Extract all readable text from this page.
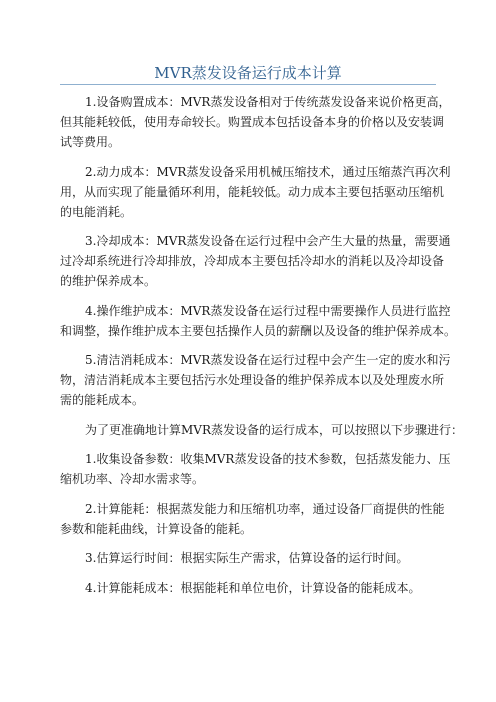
MVR蒸发设备运行成本计算
1.设备购置成本：MVR蒸发设备相对于传统蒸发设备来说价格更高，
但其能耗较低，使用寿命较长。购置成本包括设备本身的价格以及安装调
试等费用。
2.动力成本：MVR蒸发设备采用机械压缩技术，通过压缩蒸汽再次利
用，从而实现了能量循环利用，能耗较低。动力成本主要包括驱动压缩机
的电能消耗。
3.冷却成本：MVR蒸发设备在运行过程中会产生大量的热量，需要通
过冷却系统进行冷却排放，冷却成本主要包括冷却水的消耗以及冷却设备
的维护保养成本。
4.操作维护成本：MVR蒸发设备在运行过程中需要操作人员进行监控
和调整，操作维护成本主要包括操作人员的薪酬以及设备的维护保养成本。
5.清洁消耗成本：MVR蒸发设备在运行过程中会产生一定的废水和污
物，清洁消耗成本主要包括污水处理设备的维护保养成本以及处理废水所
需的能耗成本。
为了更准确地计算MVR蒸发设备的运行成本，可以按照以下步骤进行：
1.收集设备参数：收集MVR蒸发设备的技术参数，包括蒸发能力、压
缩机功率、冷却水需求等。
2.计算能耗：根据蒸发能力和压缩机功率，通过设备厂商提供的性能
参数和能耗曲线，计算设备的能耗。
3.估算运行时间：根据实际生产需求，估算设备的运行时间。
4.计算能耗成本：根据能耗和单位电价，计算设备的能耗成本。
